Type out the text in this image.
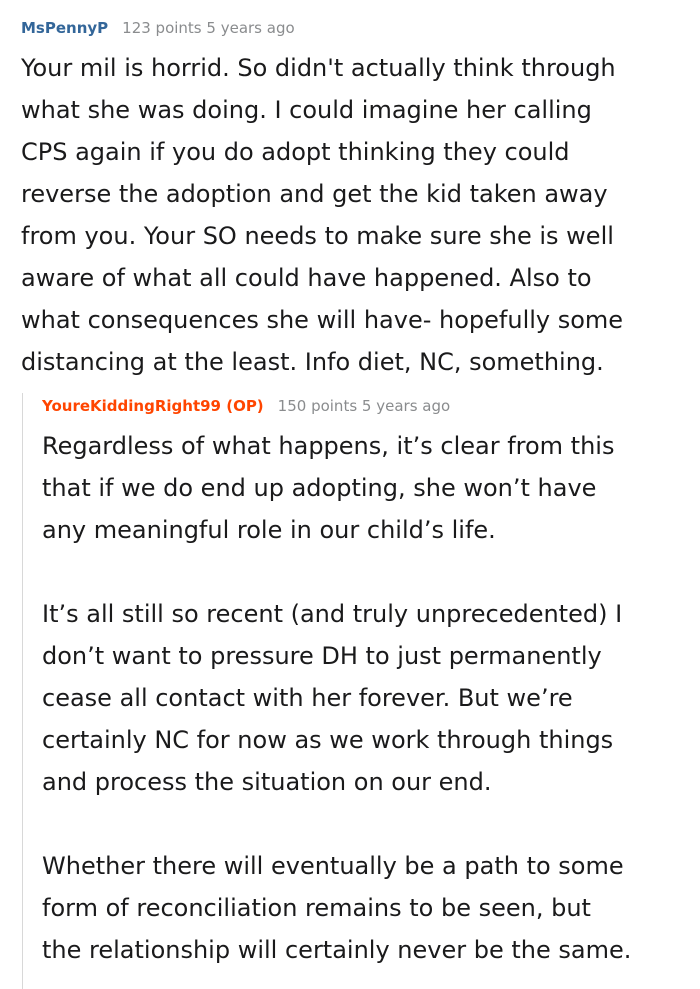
MsPennyP 123 points 5 years ago

Your mil is horrid. So didn't actually think through

what she was doing. I could imagine her calling

CPS again if you do adopt thinking they could

reverse the adoption and get the kid taken away

from you. Your SO needs to make sure she is well

aware of what all could have happened. Also to

what consequences she will have- hopefully some

distancing at the least. Info diet, NC, something.

YoureKiddingRight99 (OP) 150 points 5 years ago

Regardless of what happens, it’s clear from this

that if we do end up adopting, she won’t have

any meaningful role in our child’s life.

It’s all still so recent (and truly unprecedented) I

don’t want to pressure DH to just permanently

cease all contact with her forever. But we’re

certainly NC for now as we work through things

and process the situation on our end.

Whether there will eventually be a path to some

form of reconciliation remains to be seen, but

the relationship will certainly never be the same.
